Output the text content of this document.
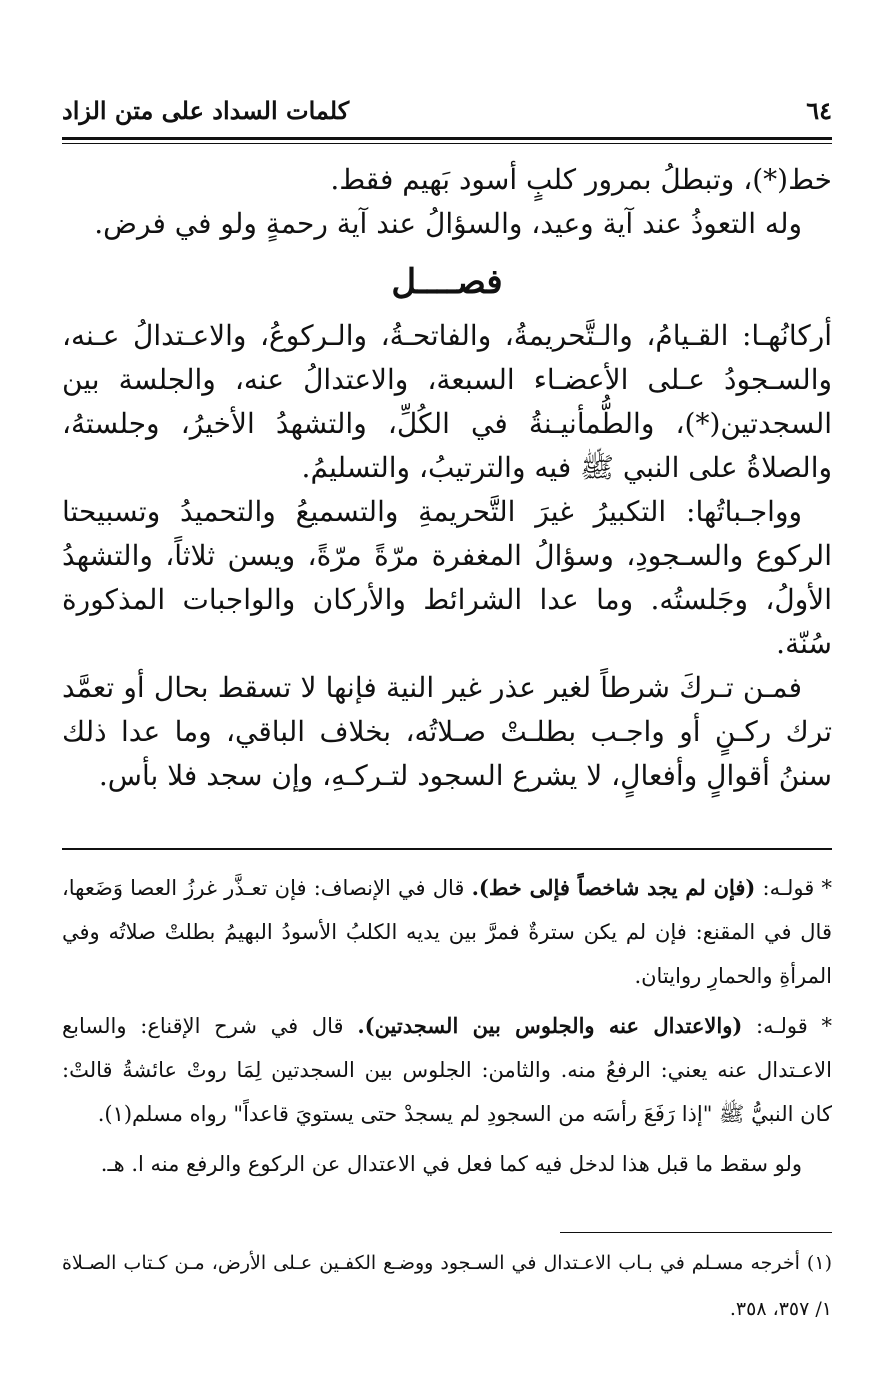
٦٤
كلمات السداد على متن الزاد

خط(*)، وتبطلُ بمرور كلبٍ أسود بَهيم فقط.

وله التعوذُ عند آية وعيد، والسؤالُ عند آية رحمةٍ ولو في فرض.

فصــــل

أركانُهـا: القـيامُ، والـتَّحريمةُ، والفاتحـةُ، والـركوعُ، والاعـتدالُ عـنه، والسـجودُ عـلى الأعضـاء السبعة، والاعتدالُ عنه، والجلسة بين السجدتين(*)، والطُّمأنيـنةُ في الكُلِّ، والتشهدُ الأخيرُ، وجلستهُ، والصلاةُ على النبي ﷺ فيه والترتيبُ، والتسليمُ.

وواجـباتُها: التكبيرُ غيرَ التَّحريمةِ والتسميعُ والتحميدُ وتسبيحتا الركوع والسـجودِ، وسؤالُ المغفرة مرّةً مرّةً، ويسن ثلاثاً، والتشهدُ الأولُ، وجَلستُه. وما عدا الشرائط والأركان والواجبات المذكورة سُنّة.

فمـن تـركَ شرطاً لغير عذر غير النية فإنها لا تسقط بحال أو تعمَّد ترك ركـنٍ أو واجـب بطلـتْ صـلاتُه، بخلاف الباقي، وما عدا ذلك سننُ أقوالٍ وأفعالٍ، لا يشرع السجود لتـركـهِ، وإن سجد فلا بأس.

* قولـه: (فإن لم يجد شاخصاً فإلى خط). قال في الإنصاف: فإن تعـذَّر غرزُ العصا وَضَعها، قال في المقنع: فإن لم يكن سترةٌ فمرَّ بين يديه الكلبُ الأسودُ البهيمُ بطلتْ صلاتُه وفي المرأةِ والحمارِ روايتان.

* قولـه: (والاعتدال عنه والجلوس بين السجدتين). قال في شرح الإقناع: والسابع الاعـتدال عنه يعني: الرفعُ منه. والثامن: الجلوس بين السجدتين لِمَا روتْ عائشةُ قالتْ: كان النبيُّ ﷺ "إذا رَفَعَ رأسَه من السجودِ لم يسجدْ حتى يستويَ قاعداً" رواه مسلم(١).

ولو سقط ما قبل هذا لدخل فيه كما فعل في الاعتدال عن الركوع والرفع منه ا. هـ.

(١) أخرجه مسـلم في بـاب الاعـتدال في السـجود ووضـع الكفـين عـلى الأرض، مـن كـتاب الصـلاة ١/ ٣٥٧، ٣٥٨.
